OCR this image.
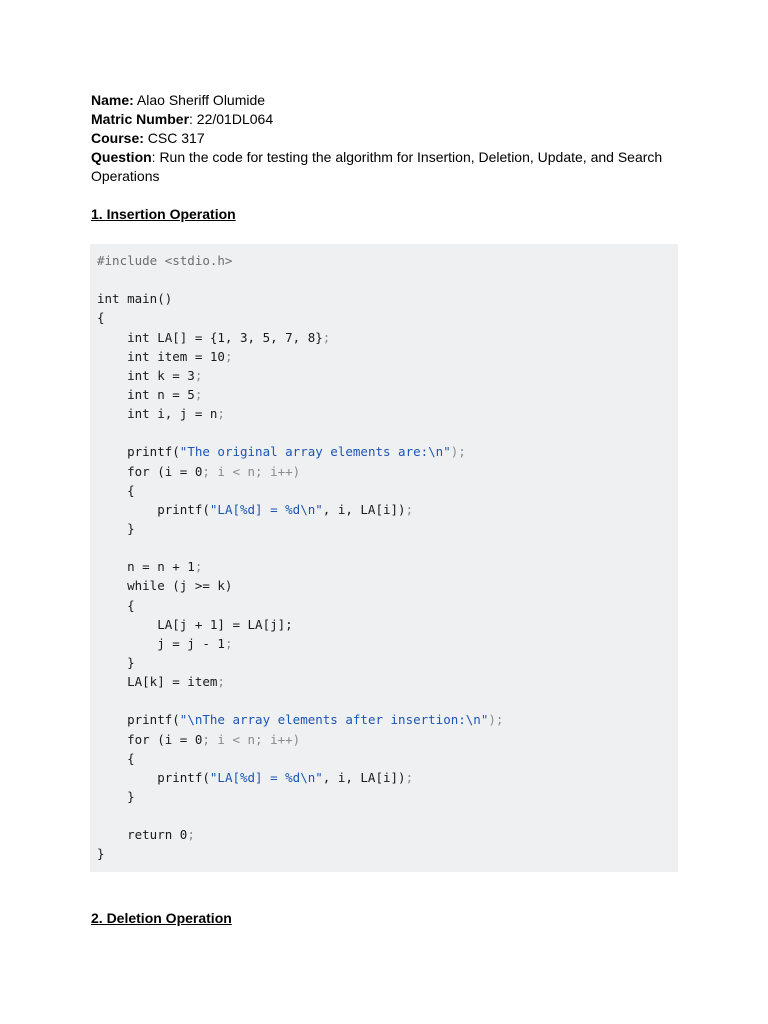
Name: Alao Sheriff Olumide

Matric Number: 22/01DL064

Course: CSC 317

Question: Run the code for testing the algorithm for Insertion, Deletion, Update, and Search Operations

1. Insertion Operation
#include <stdio.h>

int main()
{
int LA[] = {1, 3, 5, 7, 8};
int item = 10;
int k = 3;
int n = 5;
int i, j = n;

printf("The original array elements are:\n");
for (i = 0; i < n; i++)
{
printf("LA[%d] = %d\n", i, LA[i]);
}

n = n + 1;
while (j >= k)
{
LA[j + 1] = LA[j];
j = j - 1;
}
LA[k] = item;

printf("\nThe array elements after insertion:\n");
for (i = 0; i < n; i++)
{
printf("LA[%d] = %d\n", i, LA[i]);
}

return 0;
}
2. Deletion Operation
